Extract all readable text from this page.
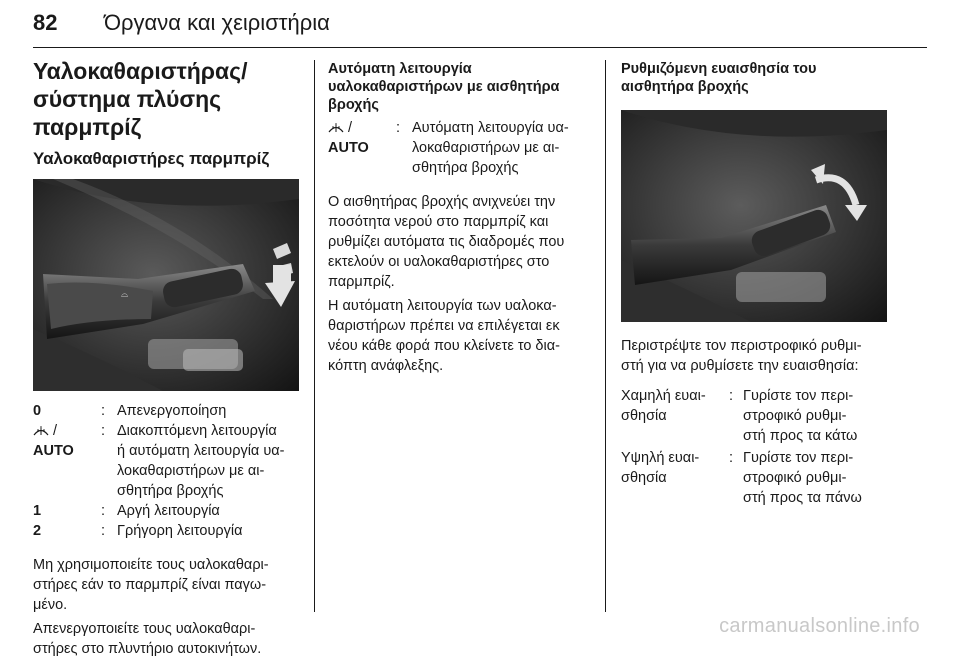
82 Όργανα και χειριστήρια
Υαλοκαθαριστήρας/
σύστημα πλύσης παρμπρίζ
Υαλοκαθαριστήρες παρμπρίζ
⌓
0	: Απενεργοποίηση
/
AUTO
: Διακοπτόμενη λειτουργία
ή αυτόματη λειτουργία υα-
λοκαθαριστήρων με αι-
σθητήρα βροχής
1	: Αργή λειτουργία
2	: Γρήγορη λειτουργία

Μη χρησιμοποιείτε τους υαλοκαθαρι-
στήρες εάν το παρμπρίζ είναι παγω-
μένο.

Απενεργοποιείτε τους υαλοκαθαρι-
στήρες στο πλυντήριο αυτοκινήτων.

Αυτόματη λειτουργία
υαλοκαθαριστήρων με αισθητήρα
βροχής
/
AUTO
: Αυτόματη λειτουργία υα-
λοκαθαριστήρων με αι-
σθητήρα βροχής

Ο αισθητήρας βροχής ανιχνεύει την
ποσότητα νερού στο παρμπρίζ και
ρυθμίζει αυτόματα τις διαδρομές που
εκτελούν οι υαλοκαθαριστήρες στο
παρμπρίζ.

Η αυτόματη λειτουργία των υαλοκα-
θαριστήρων πρέπει να επιλέγεται εκ
νέου κάθε φορά που κλείνετε το δια-
κόπτη ανάφλεξης.

Ρυθμιζόμενη ευαισθησία του
αισθητήρα βροχής

Περιστρέψτε τον περιστροφικό ρυθμι-
στή για να ρυθμίσετε την ευαισθησία:

Χαμηλή ευαι-
σθησία
: Γυρίστε τον περι-
στροφικό ρυθμι-
στή προς τα κάτω
Υψηλή ευαι-
σθησία
: Γυρίστε τον περι-
στροφικό ρυθμι-
στή προς τα πάνω
carmanualsonline.info
